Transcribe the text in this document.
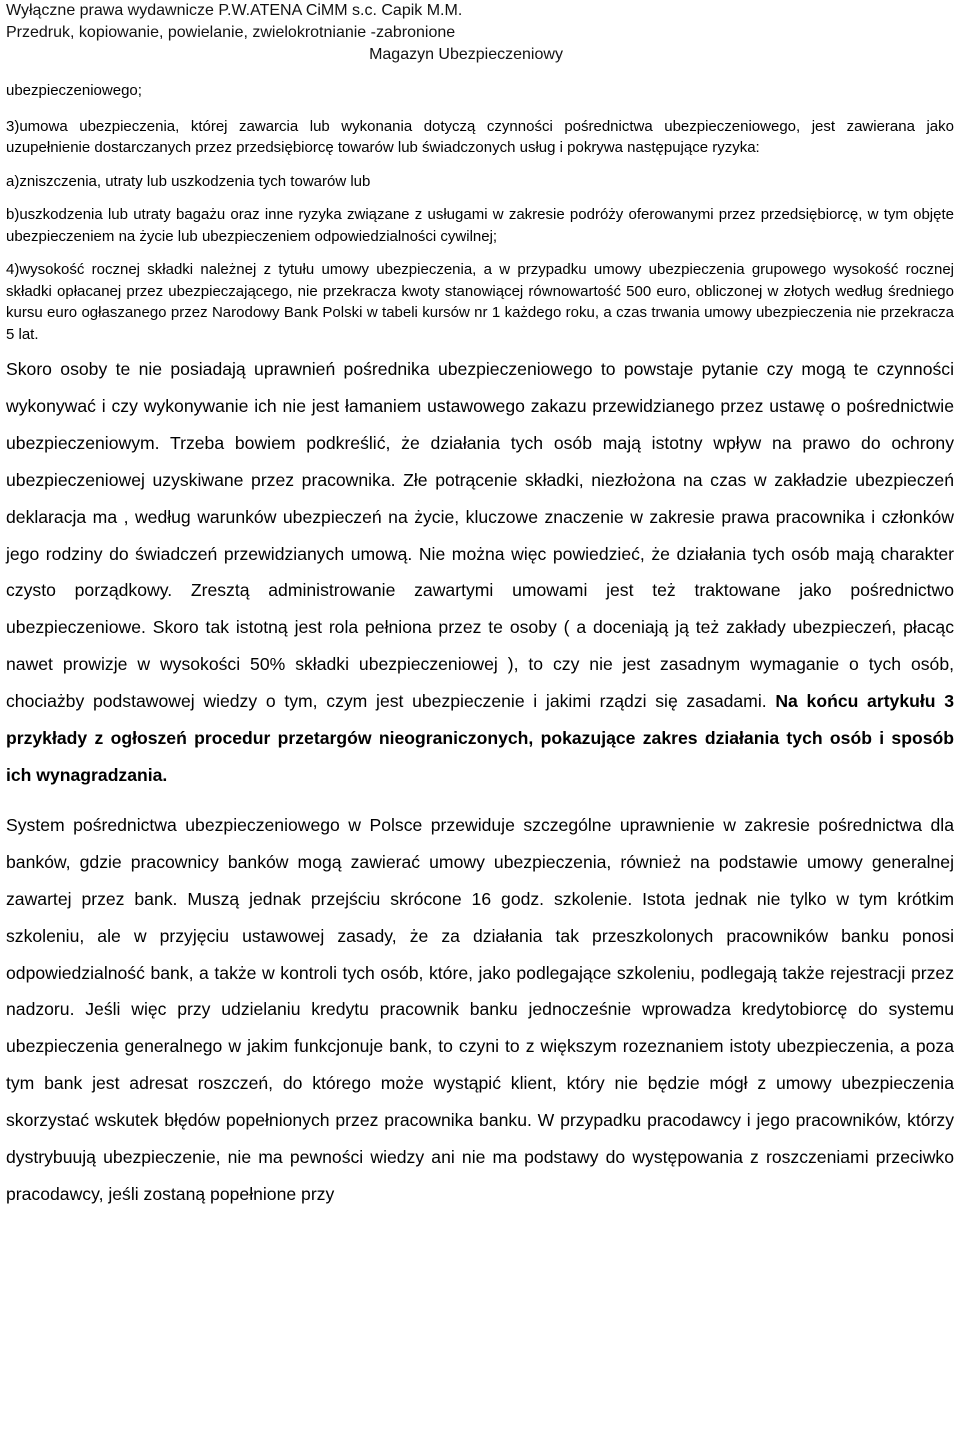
Wyłączne prawa wydawnicze P.W.ATENA CiMM s.c. Capik M.M.
Przedruk, kopiowanie, powielanie, zwielokrotnianie -zabronione
Magazyn Ubezpieczeniowy

ubezpieczeniowego;

3)umowa ubezpieczenia, której zawarcia lub wykonania dotyczą czynności pośrednictwa ubezpieczeniowego, jest zawierana jako uzupełnienie dostarczanych przez przedsiębiorcę towarów lub świadczonych usług i pokrywa następujące ryzyka:

a)zniszczenia, utraty lub uszkodzenia tych towarów lub

b)uszkodzenia lub utraty bagażu oraz inne ryzyka związane z usługami w zakresie podróży oferowanymi przez przedsiębiorcę, w tym objęte ubezpieczeniem na życie lub ubezpieczeniem odpowiedzialności cywilnej;

4)wysokość rocznej składki należnej z tytułu umowy ubezpieczenia, a w przypadku umowy ubezpieczenia grupowego wysokość rocznej składki opłacanej przez ubezpieczającego, nie przekracza kwoty stanowiącej równowartość 500 euro, obliczonej w złotych według średniego kursu euro ogłaszanego przez Narodowy Bank Polski w tabeli kursów nr 1 każdego roku, a czas trwania umowy ubezpieczenia nie przekracza 5 lat.

Skoro osoby te nie posiadają uprawnień pośrednika ubezpieczeniowego to powstaje pytanie czy mogą te czynności wykonywać i czy wykonywanie ich nie jest łamaniem ustawowego zakazu przewidzianego przez ustawę o pośrednictwie ubezpieczeniowym. Trzeba bowiem podkreślić, że działania tych osób mają istotny wpływ na prawo do ochrony ubezpieczeniowej uzyskiwane przez pracownika. Złe potrącenie składki, niezłożona na czas w zakładzie ubezpieczeń deklaracja ma , według warunków ubezpieczeń na życie, kluczowe znaczenie w zakresie prawa pracownika i członków jego rodziny do świadczeń przewidzianych umową. Nie można więc powiedzieć, że działania tych osób mają charakter czysto porządkowy. Zresztą administrowanie zawartymi umowami jest też traktowane jako pośrednictwo ubezpieczeniowe. Skoro tak istotną jest rola pełniona przez te osoby ( a doceniają ją też zakłady ubezpieczeń, płacąc nawet prowizje w wysokości 50% składki ubezpieczeniowej ), to czy nie jest zasadnym wymaganie o tych osób, chociażby podstawowej wiedzy o tym, czym jest ubezpieczenie i jakimi rządzi się zasadami. Na końcu artykułu 3 przykłady z ogłoszeń procedur przetargów nieograniczonych, pokazujące zakres działania tych osób i sposób ich wynagradzania.

System pośrednictwa ubezpieczeniowego w Polsce przewiduje szczególne uprawnienie w zakresie pośrednictwa dla banków, gdzie pracownicy banków mogą zawierać umowy ubezpieczenia, również na podstawie umowy generalnej zawartej przez bank. Muszą jednak przejściu skrócone 16 godz. szkolenie. Istota jednak nie tylko w tym krótkim szkoleniu, ale w przyjęciu ustawowej zasady, że za działania tak przeszkolonych pracowników banku ponosi odpowiedzialność bank, a także w kontroli tych osób, które, jako podlegające szkoleniu, podlegają także rejestracji przez nadzoru. Jeśli więc przy udzielaniu kredytu pracownik banku jednocześnie wprowadza kredytobiorcę do systemu ubezpieczenia generalnego w jakim funkcjonuje bank, to czyni to z większym rozeznaniem istoty ubezpieczenia, a poza tym bank jest adresat roszczeń, do którego może wystąpić klient, który nie będzie mógł z umowy ubezpieczenia skorzystać wskutek błędów popełnionych przez pracownika banku. W przypadku pracodawcy i jego pracowników, którzy dystrybuują ubezpieczenie, nie ma pewności wiedzy ani nie ma podstawy do występowania z roszczeniami przeciwko pracodawcy, jeśli zostaną popełnione przy
